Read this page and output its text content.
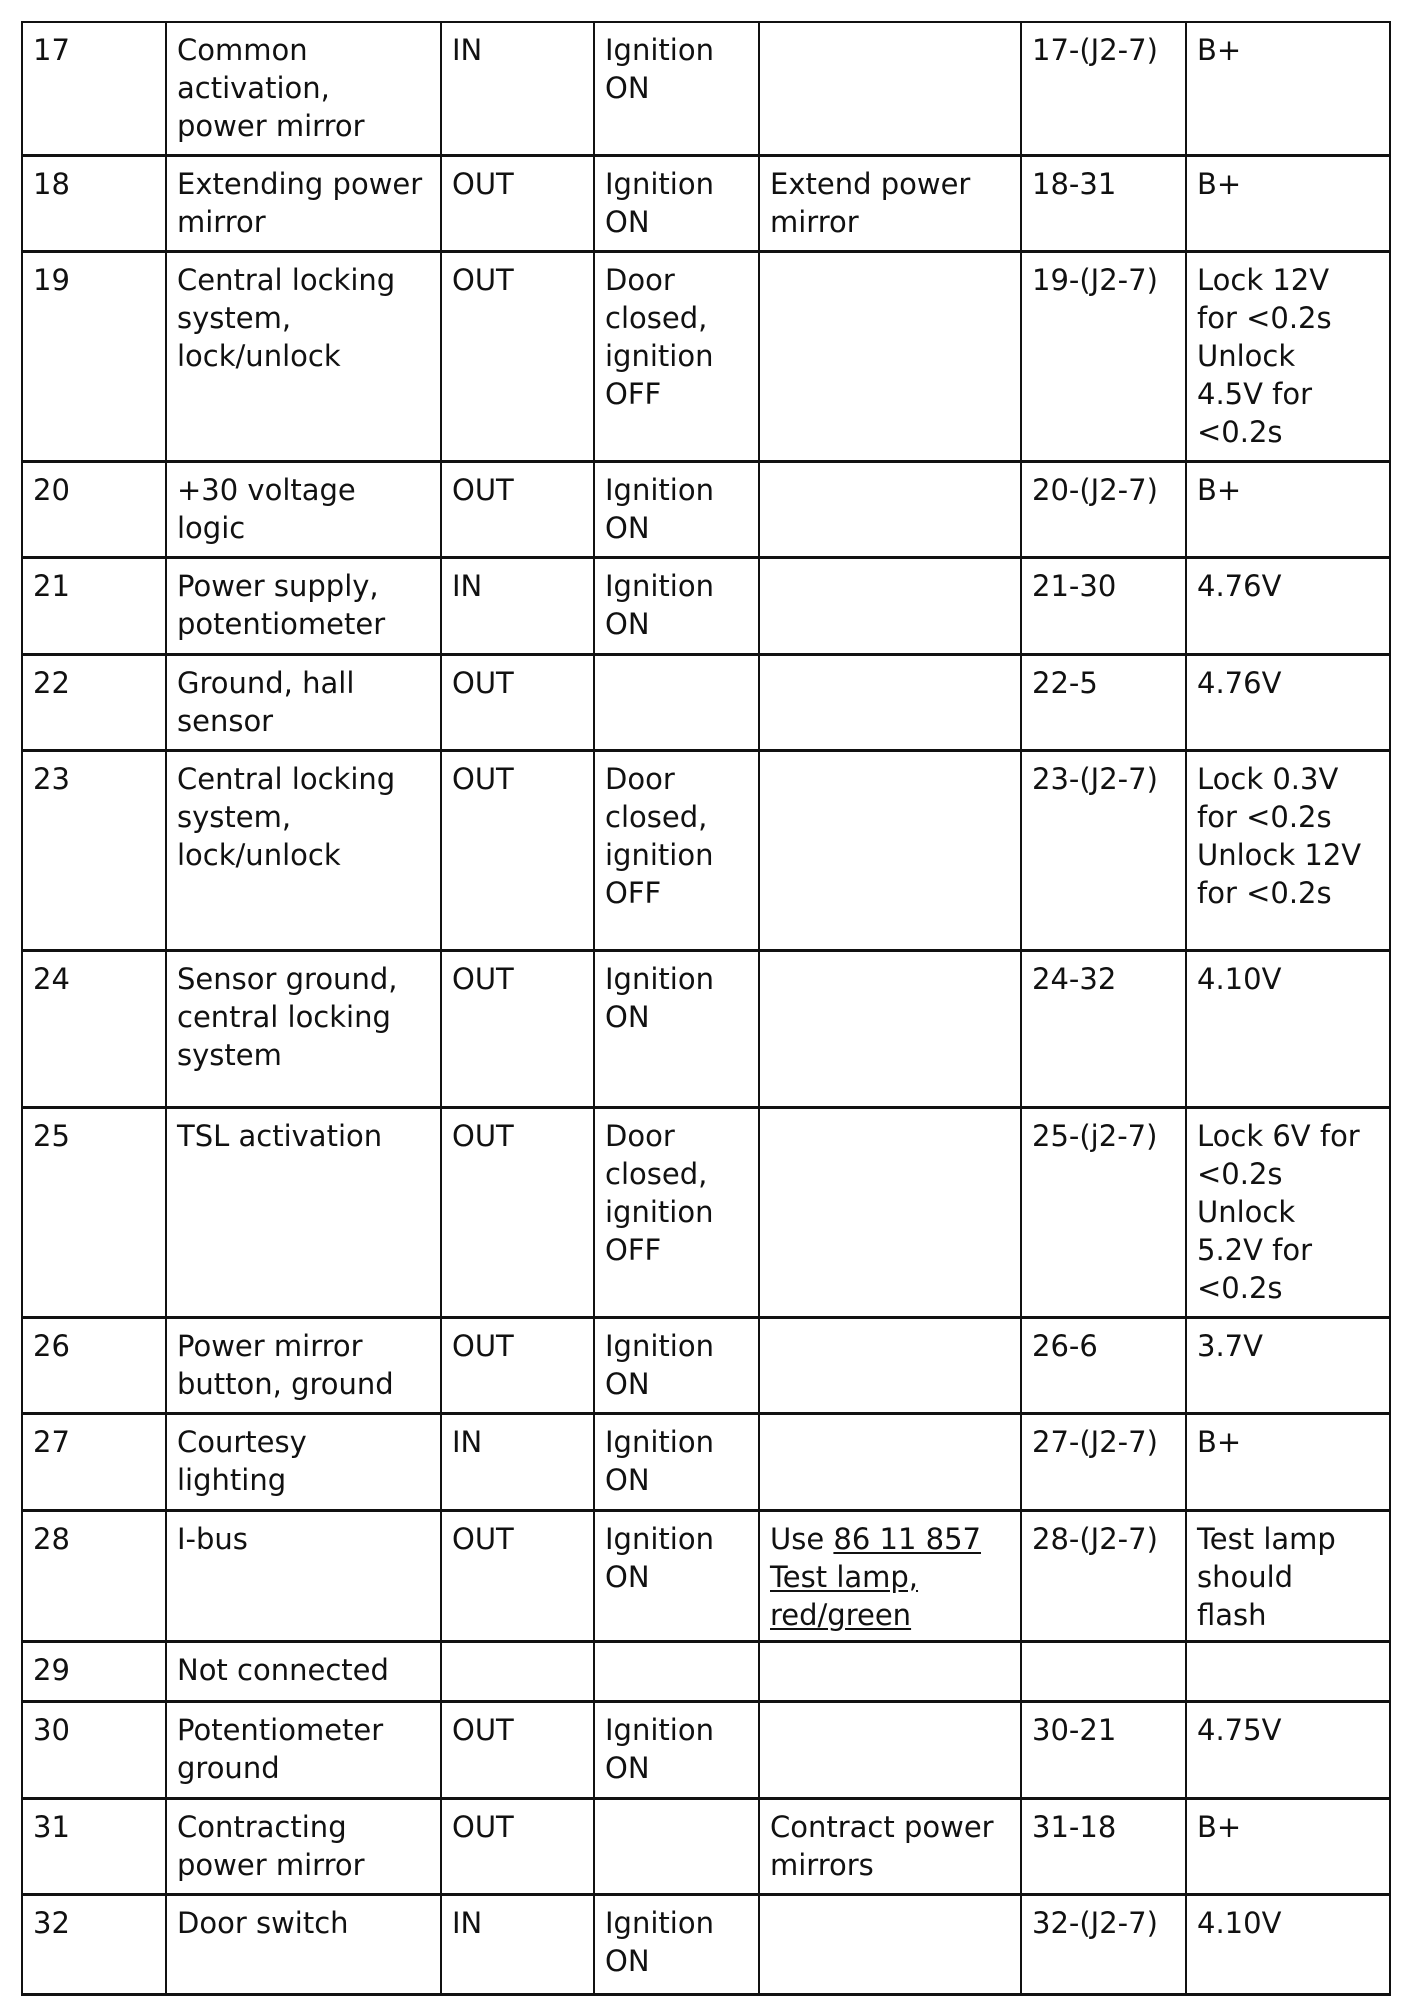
17	Common
activation,
power mirror	IN	Ignition
ON		17-(J2-7)	B+
18	Extending power
mirror	OUT	Ignition
ON	Extend power
mirror	18-31	B+
19	Central locking
system,
lock/unlock	OUT	Door
closed,
ignition
OFF		19-(J2-7)	Lock 12V
for <0.2s
Unlock
4.5V for
<0.2s
20	+30 voltage
logic	OUT	Ignition
ON		20-(J2-7)	B+
21	Power supply,
potentiometer	IN	Ignition
ON		21-30	4.76V
22	Ground, hall
sensor	OUT			22-5	4.76V
23	Central locking
system,
lock/unlock	OUT	Door
closed,
ignition
OFF		23-(J2-7)	Lock 0.3V
for <0.2s
Unlock 12V
for <0.2s
24	Sensor ground,
central locking
system	OUT	Ignition
ON		24-32	4.10V
25	TSL activation	OUT	Door
closed,
ignition
OFF		25-(j2-7)	Lock 6V for
<0.2s
Unlock
5.2V for
<0.2s
26	Power mirror
button, ground	OUT	Ignition
ON		26-6	3.7V
27	Courtesy
lighting	IN	Ignition
ON		27-(J2-7)	B+
28	I-bus	OUT	Ignition
ON	Use 86 11 857
Test lamp,
red/green	28-(J2-7)	Test lamp
should
flash
29	Not connected					
30	Potentiometer
ground	OUT	Ignition
ON		30-21	4.75V
31	Contracting
power mirror	OUT		Contract power
mirrors	31-18	B+
32	Door switch	IN	Ignition
ON		32-(J2-7)	4.10V
